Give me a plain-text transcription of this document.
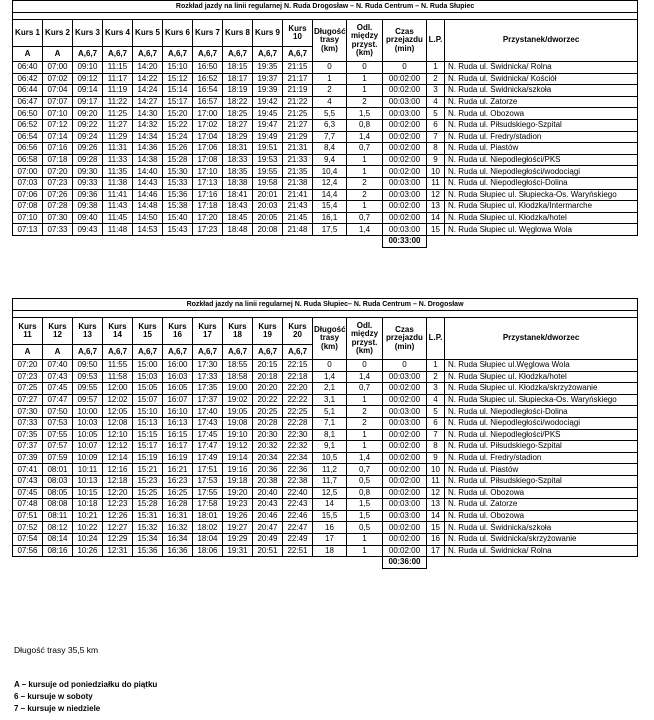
Rozkład jazdy na linii regularnej N. Ruda Drogosław – N. Ruda Centrum – N. Ruda Słupiec														

Kurs 1	Kurs 2	Kurs 3	Kurs 4	Kurs 5	Kurs 6	Kurs 7	Kurs 8	Kurs 9	Kurs 10	Długość trasy (km)	Odl. między przyst. (km)	Czas przejazdu (min)	L.P.	Przystanek/dworzec
A	A	A,6,7	A,6,7	A,6,7	A,6,7	A,6,7	A,6,7	A,6,7	A,6,7					
06:40	07:00	09:10	11:15	14:20	15:10	16:50	18:15	19:35	21:15	0	0	0	1	N. Ruda ul. Świdnicka/ Rolna
06:42	07:02	09:12	11:17	14:22	15:12	16:52	18:17	19:37	21:17	1	1	00:02:00	2	N. Ruda ul. Świdnicka/ Kościół
06:44	07:04	09:14	11:19	14:24	15:14	16:54	18:19	19:39	21:19	2	1	00:02:00	3	N. Ruda ul. Świdnicka/szkoła
06:47	07:07	09:17	11:22	14:27	15:17	16:57	18:22	19:42	21:22	4	2	00:03:00	4	N. Ruda ul. Zatorze
06:50	07:10	09:20	11:25	14:30	15:20	17:00	18:25	19:45	21:25	5,5	1,5	00:03:00	5	N. Ruda ul. Obozowa
06:52	07:12	09:22	11:27	14:32	15:22	17:02	18:27	19:47	21:27	6,3	0,8	00:02:00	6	N. Ruda ul. Piłsudskiego-Szpital
06:54	07:14	09:24	11:29	14:34	15:24	17:04	18:29	19:49	21:29	7,7	1,4	00:02:00	7	N. Ruda ul. Fredry/stadion
06:56	07:16	09:26	11:31	14:36	15:26	17:06	18:31	19:51	21:31	8,4	0,7	00:02:00	8	N. Ruda ul. Piastów
06:58	07:18	09:28	11:33	14:38	15:28	17:08	18:33	19:53	21:33	9,4	1	00:02:00	9	N. Ruda ul. Niepodległości/PKS
07:00	07:20	09:30	11:35	14:40	15:30	17:10	18:35	19:55	21:35	10,4	1	00:02:00	10	N. Ruda ul. Niepodległości/wodociągi
07:03	07:23	09:33	11:38	14:43	15:33	17:13	18:38	19:58	21:38	12,4	2	00:03:00	11	N. Ruda ul. Niepodległości-Dolina
07:06	07:26	09:36	11:41	14:46	15:36	17:16	18:41	20:01	21:41	14,4	2	00:03:00	12	N. Ruda Słupiec ul. Słupiecka-Os. Waryńskiego
07:08	07:28	09:38	11:43	14:48	15:38	17:18	18:43	20:03	21:43	15,4	1	00:02:00	13	N. Ruda Słupiec ul. Kłodzka/Intermarche
07:10	07:30	09:40	11:45	14:50	15:40	17:20	18:45	20:05	21:45	16,1	0,7	00:02:00	14	N. Ruda Słupiec ul. Kłodzka/hotel
07:13	07:33	09:43	11:48	14:53	15:43	17:23	18:48	20:08	21:48	17,5	1,4	00:03:00	15	N. Ruda Słupiec ul. Węglowa Wola
												00:33:00		
Rozkład jazdy na linii regularnej N. Ruda Słupiec– N. Ruda Centrum – N. Drogosław														

Kurs 11	Kurs 12	Kurs 13	Kurs 14	Kurs 15	Kurs 16	Kurs 17	Kurs 18	Kurs 19	Kurs 20	Długość trasy (km)	Odl. między przyst. (km)	Czas przejazdu (min)	L.P.	Przystanek/dworzec
A	A	A,6,7	A,6,7	A,6,7	A,6,7	A,6,7	A,6,7	A,6,7	A,6,7					
07:20	07:40	09:50	11:55	15:00	16:00	17:30	18:55	20:15	22:15	0	0	0	1	N. Ruda Słupiec ul.Węglowa Wola
07:23	07:43	09:53	11:58	15:03	16:03	17:33	18:58	20:18	22:18	1,4	1,4	00:03:00	2	N. Ruda Słupiec ul. Kłodzka/hotel
07:25	07:45	09:55	12:00	15:05	16:05	17:35	19:00	20:20	22:20	2,1	0,7	00:02:00	3	N. Ruda Słupiec ul. Kłodzka/skrzyżowanie
07:27	07:47	09:57	12:02	15:07	16:07	17:37	19:02	20:22	22:22	3,1	1	00:02:00	4	N. Ruda Słupiec ul. Słupiecka-Os. Waryńskiego
07:30	07:50	10:00	12:05	15:10	16:10	17:40	19:05	20:25	22:25	5,1	2	00:03:00	5	N. Ruda ul. Niepodległości-Dolina
07:33	07:53	10:03	12:08	15:13	16:13	17:43	19:08	20:28	22:28	7,1	2	00:03:00	6	N. Ruda ul. Niepodległości/wodociągi
07:35	07:55	10:05	12:10	15:15	16:15	17:45	19:10	20:30	22:30	8,1	1	00:02:00	7	N. Ruda ul. Niepodległości/PKS
07:37	07:57	10:07	12:12	15:17	16:17	17:47	19:12	20:32	22:32	9,1	1	00:02:00	8	N. Ruda ul. Piłsudskiego-Szpital
07:39	07:59	10:09	12:14	15:19	16:19	17:49	19:14	20:34	22:34	10,5	1,4	00:02:00	9	N. Ruda ul. Fredry/stadion
07:41	08:01	10:11	12:16	15:21	16:21	17:51	19:16	20:36	22:36	11,2	0,7	00:02:00	10	N. Ruda ul. Piastów
07:43	08:03	10:13	12:18	15:23	16:23	17:53	19:18	20:38	22:38	11,7	0,5	00:02:00	11	N. Ruda ul. Piłsudskiego-Szpital
07:45	08:05	10:15	12:20	15:25	16:25	17:55	19:20	20:40	22:40	12,5	0,8	00:02:00	12	N. Ruda ul. Obozowa
07:48	08:08	10:18	12:23	15:28	16:28	17:58	19:23	20:43	22:43	14	1,5	00:03:00	13	N. Ruda ul. Zatorze
07:51	08:11	10:21	12:26	15:31	16:31	18:01	19:26	20:46	22:46	15,5	1,5	00:03:00	14	N. Ruda ul. Obozowa
07:52	08:12	10:22	12:27	15:32	16:32	18:02	19:27	20:47	22:47	16	0,5	00:02:00	15	N. Ruda ul. Świdnicka/szkoła
07:54	08:14	10:24	12:29	15:34	16:34	18:04	19:29	20:49	22:49	17	1	00:02:00	16	N. Ruda ul. Świdnicka/skrzyżowanie
07:56	08:16	10:26	12:31	15:36	16:36	18:06	19:31	20:51	22:51	18	1	00:02:00	17	N. Ruda ul. Świdnicka/ Rolna
												00:36:00		
Długość trasy 35,5 km
A – kursuje od poniedziałku do piątku
6 – kursuje w soboty
7 – kursuje w niedziele
